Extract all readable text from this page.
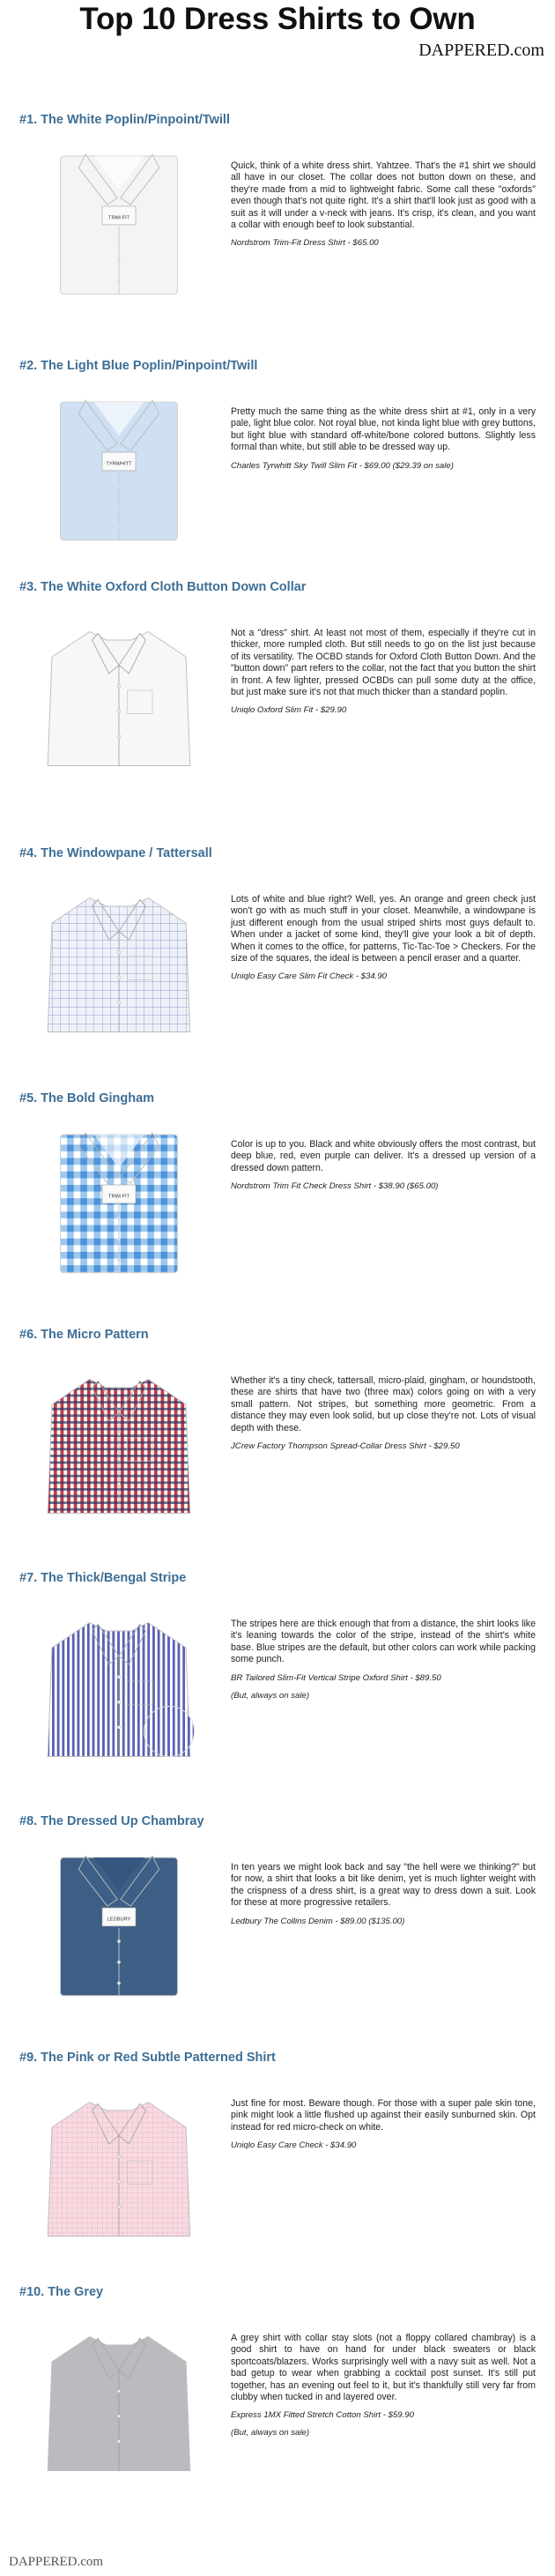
Top 10 Dress Shirts to Own
DAPPERED.com
#1. The White Poplin/Pinpoint/Twill
TRIM FIT

Quick, think of a white dress shirt. Yahtzee. That's the #1 shirt we should all have in our closet. The collar does not button down on these, and they're made from a mid to lightweight fabric. Some call these "oxfords" even though that's not quite right. It's a shirt that'll look just as good with a suit as it will under a v-neck with jeans. It's crisp, it's clean, and you want a collar with enough beef to look substantial.

Nordstrom Trim-Fit Dress Shirt - $65.00

#2. The Light Blue Poplin/Pinpoint/Twill
TYRWHITT

Pretty much the same thing as the white dress shirt at #1, only in a very pale, light blue color. Not royal blue, not kinda light blue with grey buttons, but light blue with standard off-white/bone colored buttons. Slightly less formal than white, but still able to be dressed way up.

Charles Tyrwhitt Sky Twill Slim Fit - $69.00 ($29.39 on sale)

#3. The White Oxford Cloth Button Down Collar

Not a "dress" shirt. At least not most of them, especially if they're cut in thicker, more rumpled cloth. But still needs to go on the list just because of its versatility. The OCBD stands for Oxford Cloth Button Down. And the "button down" part refers to the collar, not the fact that you button the shirt in front. A few lighter, pressed OCBDs can pull some duty at the office, but just make sure it's not that much thicker than a standard poplin.

Uniqlo Oxford Slim Fit - $29.90

#4. The Windowpane / Tattersall

Lots of white and blue right? Well, yes. An orange and green check just won't go with as much stuff in your closet. Meanwhile, a windowpane is just different enough from the usual striped shirts most guys default to. When under a jacket of some kind, they'll give your look a bit of depth. When it comes to the office, for patterns, Tic-Tac-Toe > Checkers. For the size of the squares, the ideal is between a pencil eraser and a quarter.

Uniqlo Easy Care Slim Fit Check - $34.90

#5. The Bold Gingham
TRIM FIT

Color is up to you. Black and white obviously offers the most contrast, but deep blue, red, even purple can deliver. It's a dressed up version of a dressed down pattern.

Nordstrom Trim Fit Check Dress Shirt - $38.90 ($65.00)

#6. The Micro Pattern

Whether it's a tiny check, tattersall, micro-plaid, gingham, or houndstooth, these are shirts that have two (three max) colors going on with a very small pattern. Not stripes, but something more geometric. From a distance they may even look solid, but up close they're not. Lots of visual depth with these.

JCrew Factory Thompson Spread-Collar Dress Shirt - $29.50

#7. The Thick/Bengal Stripe

The stripes here are thick enough that from a distance, the shirt looks like it's leaning towards the color of the stripe, instead of the shirt's white base. Blue stripes are the default, but other colors can work while packing some punch.

BR Tailored Slim-Fit Vertical Stripe Oxford Shirt - $89.50

(But, always on sale)

#8. The Dressed Up Chambray
LEDBURY

In ten years we might look back and say "the hell were we thinking?" but for now, a shirt that looks a bit like denim, yet is much lighter weight with the crispness of a dress shirt, is a great way to dress down a suit. Look for these at more progressive retailers.

Ledbury The Collins Denim - $89.00 ($135.00)

#9. The Pink or Red Subtle Patterned Shirt

Just fine for most. Beware though. For those with a super pale skin tone, pink might look a little flushed up against their easily sunburned skin. Opt instead for red micro-check on white.

Uniqlo Easy Care Check - $34.90

#10. The Grey

A grey shirt with collar stay slots (not a floppy collared chambray) is a good shirt to have on hand for under black sweaters or black sportcoats/blazers. Works surprisingly well with a navy suit as well. Not a bad getup to wear when grabbing a cocktail post sunset. It's still put together, has an evening out feel to it, but it's thankfully still very far from clubby when tucked in and layered over.

Express 1MX Fitted Stretch Cotton Shirt - $59.90

(But, always on sale)

DAPPERED.com
